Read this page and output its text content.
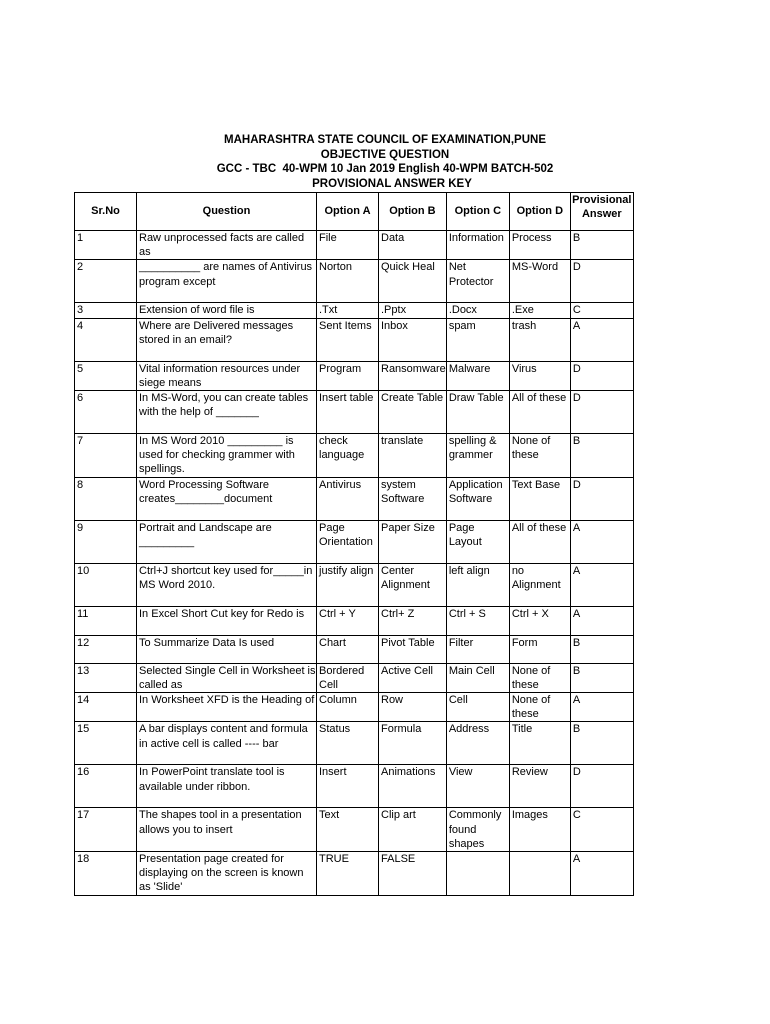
MAHARASHTRA STATE COUNCIL OF EXAMINATION,PUNE
OBJECTIVE QUESTION
GCC - TBC  40-WPM 10 Jan 2019 English 40-WPM BATCH-502
PROVISIONAL ANSWER KEY
Sr.No	Question	Option A	Option B	Option C	Option D	Provisional Answer
1	Raw unprocessed facts are called as	File	Data	Information	Process	B
2	__________ are names of Antivirus program except	Norton	Quick Heal	Net Protector	MS-Word	D
3	Extension of word file is	.Txt	.Pptx	.Docx	.Exe	C
4	Where are Delivered messages stored in an email?	Sent Items	Inbox	spam	trash	A
5	Vital information resources under siege means	Program	Ransomware	Malware	Virus	D
6	In MS-Word, you can create tables with the help of _______	Insert table	Create Table	Draw Table	All of these	D
7	In MS Word 2010 _________ is used for checking grammer with spellings.	check language	translate	spelling & grammer	None of these	B
8	Word Processing Software creates________document	Antivirus	system Software	Application Software	Text Base	D
9	Portrait and Landscape are _________	Page Orientation	Paper Size	Page Layout	All of these	A
10	Ctrl+J shortcut key used for_____in MS Word 2010.	justify align	Center Alignment	left align	no Alignment	A
11	In Excel Short Cut key for Redo is	Ctrl + Y	Ctrl+ Z	Ctrl + S	Ctrl + X	A
12	To Summarize Data Is used	Chart	Pivot Table	Filter	Form	B
13	Selected Single Cell in Worksheet is called as	Bordered Cell	Active Cell	Main Cell	None of these	B
14	In Worksheet XFD is the Heading of	Column	Row	Cell	None of these	A
15	A bar displays content and formula in active cell is called ---- bar	Status	Formula	Address	Title	B
16	In PowerPoint translate tool is available under ribbon.	Insert	Animations	View	Review	D
17	The shapes tool in a presentation allows you to insert	Text	Clip art	Commonly found shapes	Images	C
18	Presentation page created for displaying on the screen is known as 'Slide'	TRUE	FALSE			A
